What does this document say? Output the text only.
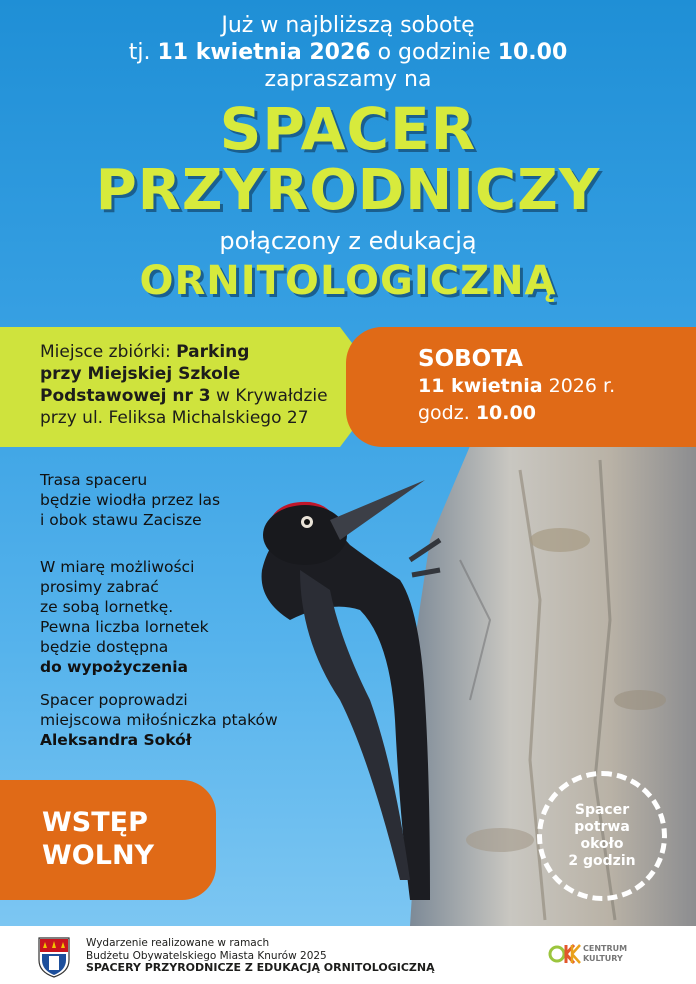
Już w najbliższą sobotę
tj. 11 kwietnia 2026 o godzinie 10.00
zapraszamy na
SPACER
PRZYRODNICZY
połączony z edukacją
ORNITOLOGICZNĄ
Miejsce zbiórki: Parking
przy Miejskiej Szkole
Podstawowej nr 3 w Krywałdzie
przy ul. Feliksa Michalskiego 27
SOBOTA
11 kwietnia 2026 r.
godz. 10.00
Trasa spaceru
będzie wiodła przez las
i obok stawu Zacisze
W miarę możliwości
prosimy zabrać
ze sobą lornetkę.
Pewna liczba lornetek
będzie dostępna
do wypożyczenia
Spacer poprowadzi
miejscowa miłośniczka ptaków
Aleksandra Sokół
WSTĘP
WOLNY
Spacer
potrwa
około
2 godzin
Wydarzenie realizowane w ramach
Budżetu Obywatelskiego Miasta Knurów 2025
SPACERY PRZYRODNICZE Z EDUKACJĄ ORNITOLOGICZNĄ
CENTRUM
KULTURY
